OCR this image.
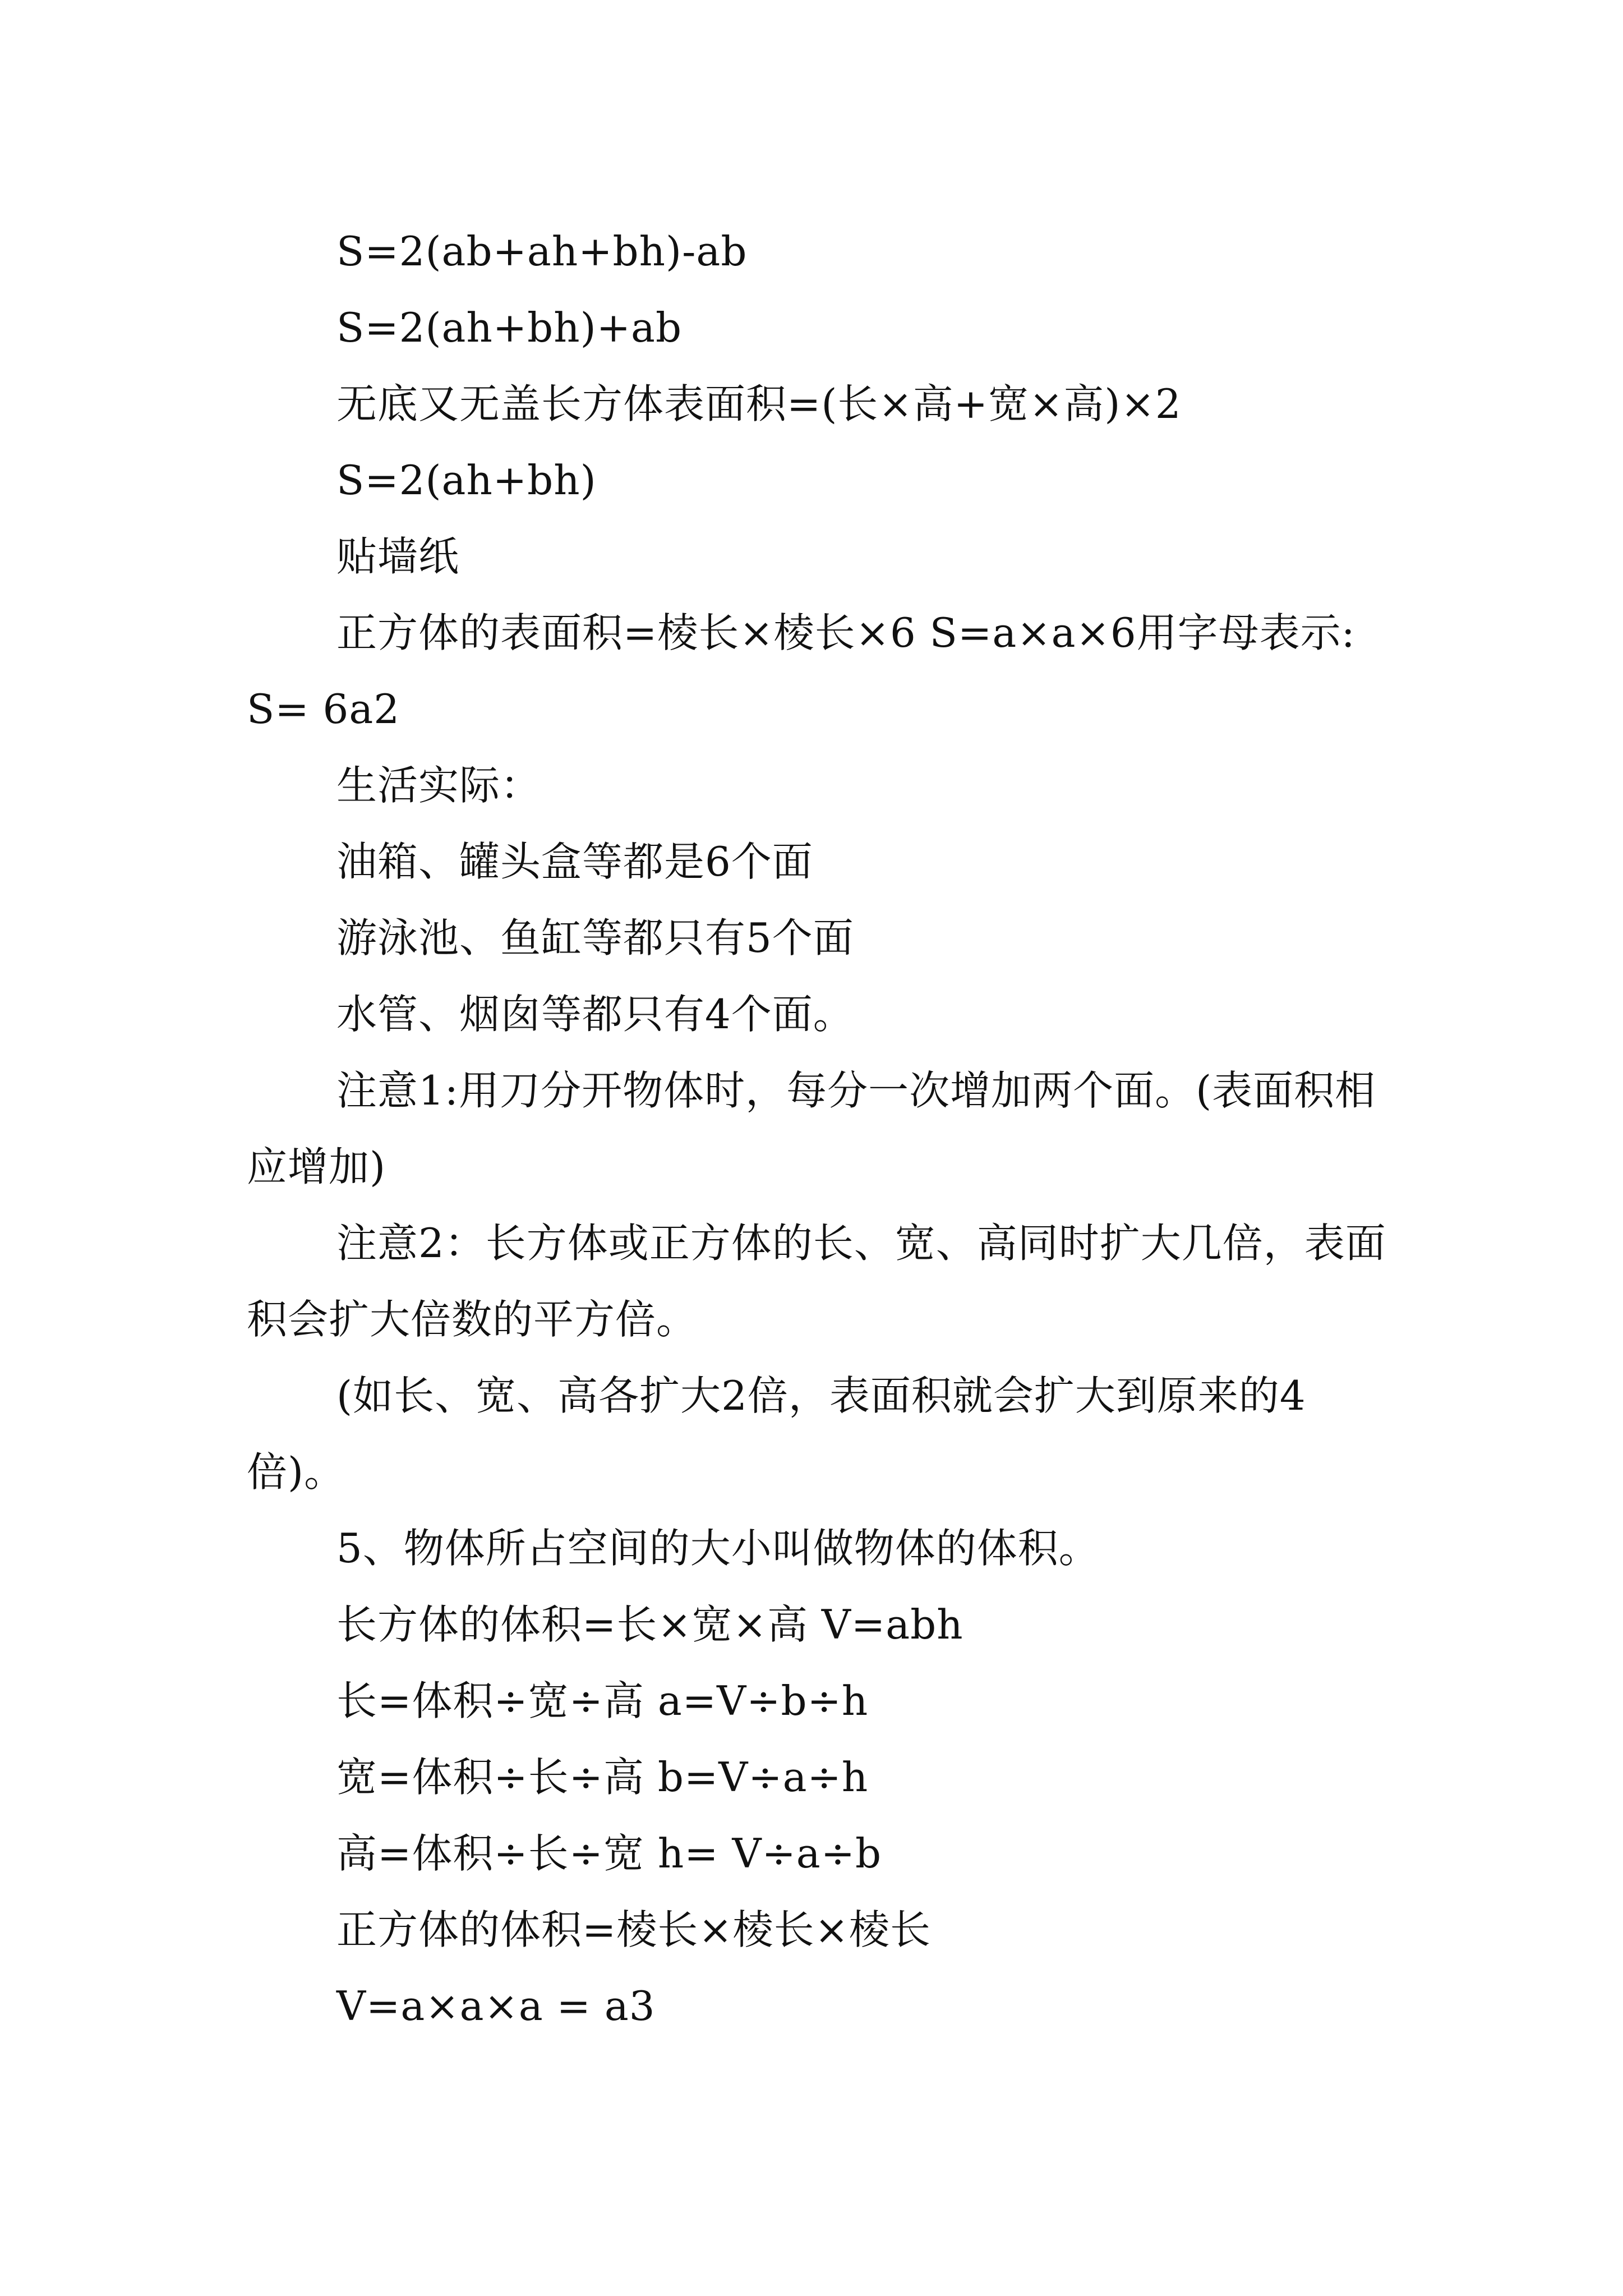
S=2(ab+ah+bh)-ab

S=2(ah+bh)+ab

无底又无盖长方体表面积=(长×高+宽×高)×2

S=2(ah+bh)

贴墙纸

正方体的表面积=棱长×棱长×6 S=a×a×6用字母表示: S= 6a2

生活实际：

油箱、罐头盒等都是6个面

游泳池、鱼缸等都只有5个面

水管、烟囱等都只有4个面。

注意1:用刀分开物体时，每分一次增加两个面。(表面积相应增加)

注意2：长方体或正方体的长、宽、高同时扩大几倍，表面积会扩大倍数的平方倍。

(如长、宽、高各扩大2倍，表面积就会扩大到原来的4倍)。

5、物体所占空间的大小叫做物体的体积。

长方体的体积=长×宽×高 V=abh

长=体积÷宽÷高 a=V÷b÷h

宽=体积÷长÷高 b=V÷a÷h

高=体积÷长÷宽 h= V÷a÷b

正方体的体积=棱长×棱长×棱长

V=a×a×a = a3
